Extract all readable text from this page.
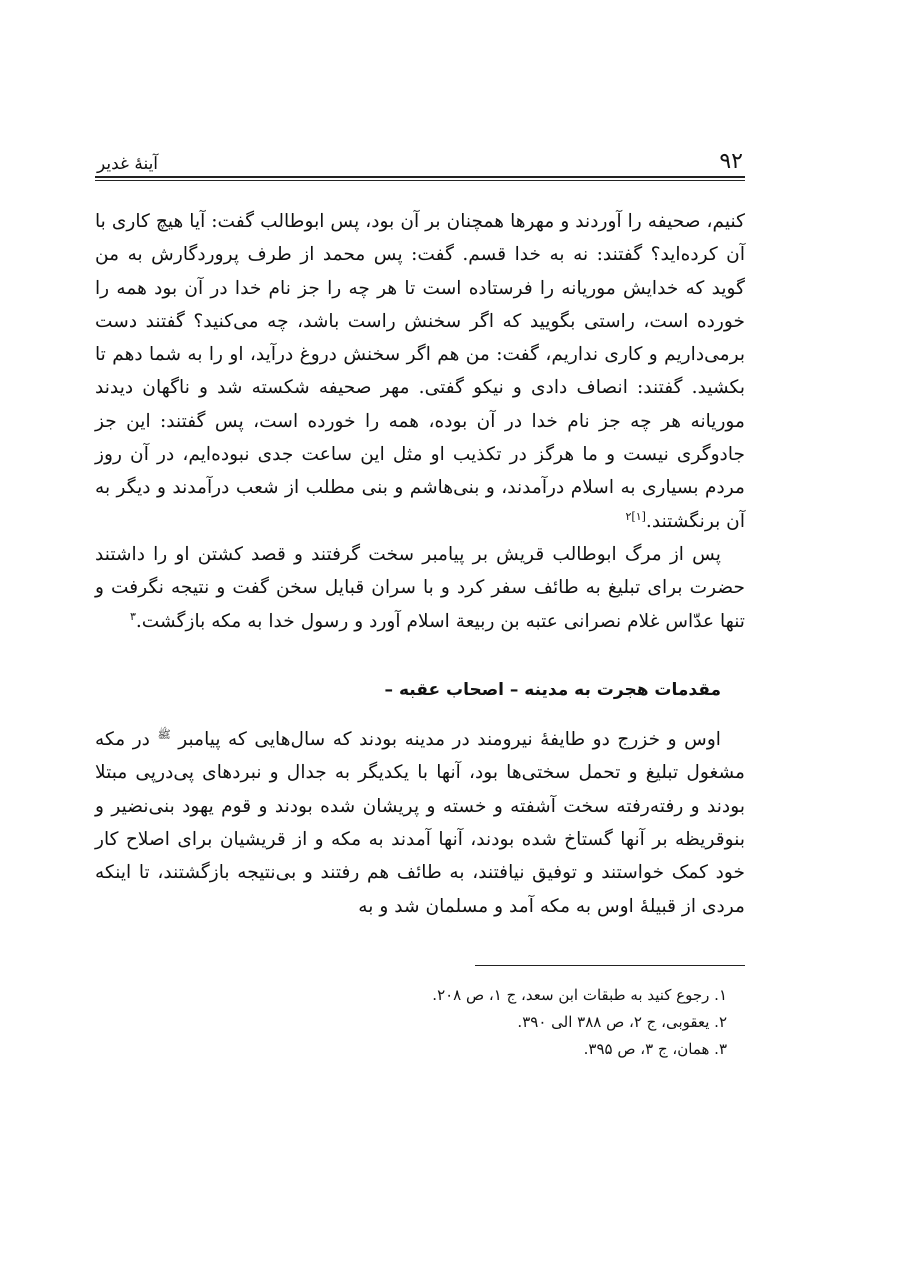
۹۲
آینهٔ غدیر

کنیم، صحیفه را آوردند و مهرها همچنان بر آن بود، پس ابوطالب گفت: آیا هیچ کاری با آن کرده‌اید؟ گفتند: نه به خدا قسم. گفت: پس محمد از طرف پروردگارش به من گوید که خدایش موریانه را فرستاده است تا هر چه را جز نام خدا در آن بود همه را خورده است، راستی بگویید که اگر سخنش راست باشد، چه می‌کنید؟ گفتند دست برمی‌داریم و کاری نداریم، گفت: من هم اگر سخنش دروغ درآید، او را به شما دهم تا بکشید. گفتند: انصاف دادی و نیکو گفتی. مهر صحیفه شکسته شد و ناگهان دیدند موریانه هر چه جز نام خدا در آن بوده، همه را خورده است، پس گفتند: این جز جادوگری نیست و ما هرگز در تکذیب او مثل این ساعت جدی نبوده‌ایم، در آن روز مردم بسیاری به اسلام درآمدند، و بنی‌هاشم و بنی مطلب از شعب درآمدند و دیگر به آن برنگشتند.$^{[۱]۲}$

پس از مرگ ابوطالب قریش بر پیامبر سخت گرفتند و قصد کشتن او را داشتند حضرت برای تبلیغ به طائف سفر کرد و با سران قبایل سخن گفت و نتیجه نگرفت و تنها عدّاس غلام نصرانی عتبه بن ربیعة اسلام آورد و رسول خدا به مکه بازگشت.$^۳$

مقدمات هجرت به مدینه – اصحاب عقبه –

اوس و خزرج دو طایفهٔ نیرومند در مدینه بودند که سال‌هایی که پیامبر $^ﷺ$ در مکه مشغول تبلیغ و تحمل سختی‌ها بود، آنها با یکدیگر به جدال و نبردهای پی‌درپی مبتلا بودند و رفته‌رفته سخت آشفته و خسته و پریشان شده بودند و قوم یهود بنی‌نضیر و بنوقریظه بر آنها گستاخ شده بودند، آنها آمدند به مکه و از قریشیان برای اصلاح کار خود کمک خواستند و توفیق نیافتند، به طائف هم رفتند و بی‌نتیجه بازگشتند، تا اینکه مردی از قبیلهٔ اوس به مکه آمد و مسلمان شد و به

۱. رجوع کنید به طبقات ابن سعد، ج ۱، ص ۲۰۸.

۲. یعقوبی، ج ۲، ص ۳۸۸ الی ۳۹۰.

۳. همان، ج ۳، ص ۳۹۵.
